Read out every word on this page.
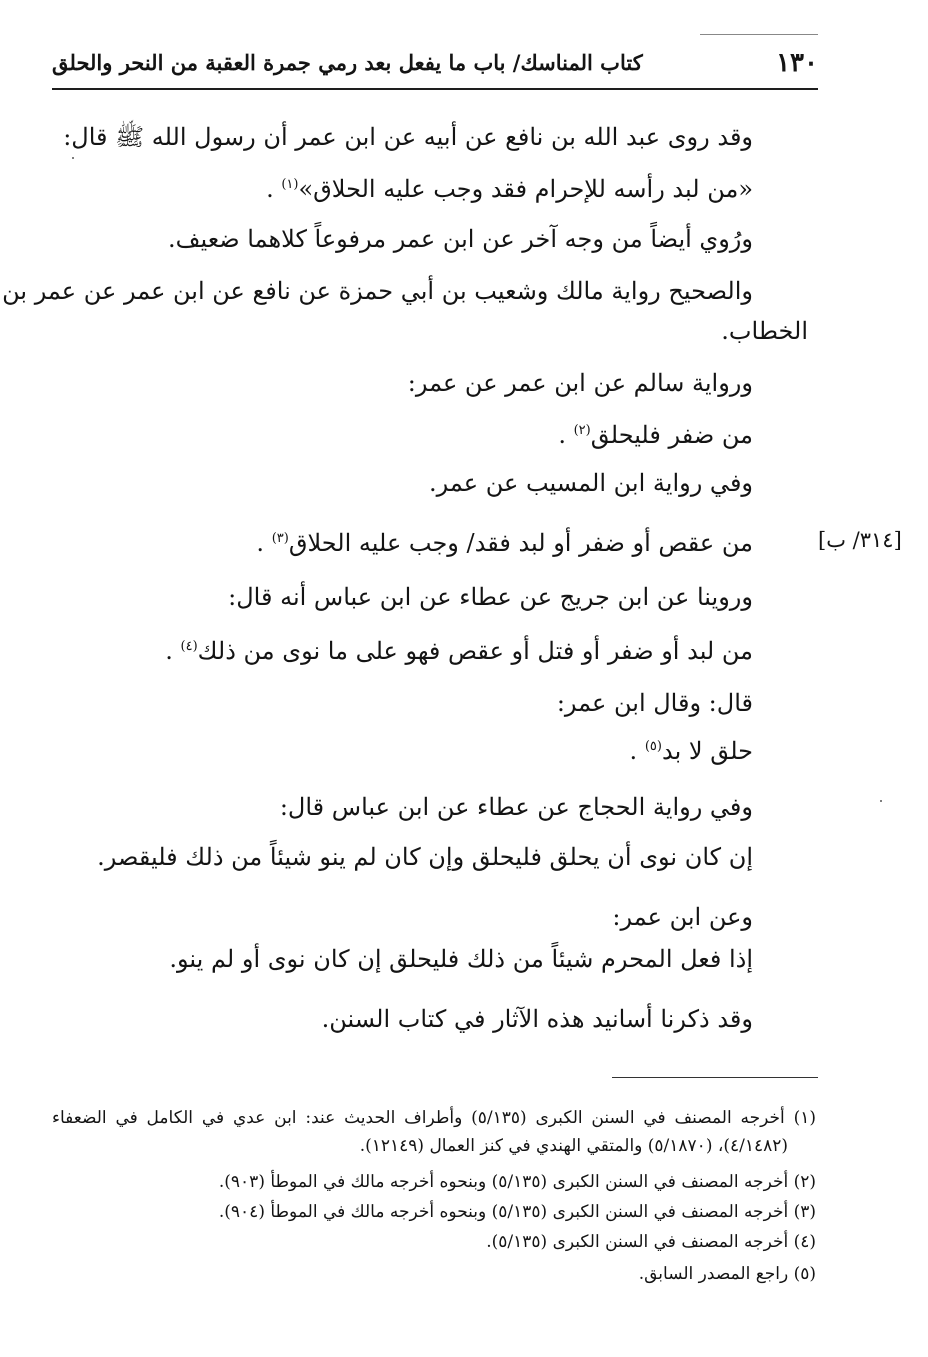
١٣٠
كتاب المناسك/ باب ما يفعل بعد رمي جمرة العقبة من النحر والحلق
وقد روى عبد الله بن نافع عن أبيه عن ابن عمر أن رسول الله ﷺ قال:
«من لبد رأسه للإحرام فقد وجب عليه الحلاق»$^{(١)}$ .
ورُوي أيضاً من وجه آخر عن ابن عمر مرفوعاً كلاهما ضعيف.
والصحيح رواية مالك وشعيب بن أبي حمزة عن نافع عن ابن عمر عن عمر بن
الخطاب.
ورواية سالم عن ابن عمر عن عمر:
من ضفر فليحلق$^{(٢)}$ .
وفي رواية ابن المسيب عن عمر.
من عقص أو ضفر أو لبد فقد/ وجب عليه الحلاق$^{(٣)}$ .	[٣١٤/ ب]
وروينا عن ابن جريج عن عطاء عن ابن عباس أنه قال:
من لبد أو ضفر أو فتل أو عقص فهو على ما نوى من ذلك$^{(٤)}$ .
قال: وقال ابن عمر:
حلق لا بد$^{(٥)}$ .
وفي رواية الحجاج عن عطاء عن ابن عباس قال:
إن كان نوى أن يحلق فليحلق وإن كان لم ينو شيئاً من ذلك فليقصر.
وعن ابن عمر:
إذا فعل المحرم شيئاً من ذلك فليحلق إن كان نوى أو لم ينو.
وقد ذكرنا أسانيد هذه الآثار في كتاب السنن.
(١) أخرجه المصنف في السنن الكبرى (٥/١٣٥) وأطراف الحديث عند: ابن عدي في الكامل في الضعفاء
(٤/١٤٨٢)، (٥/١٨٧٠) والمتقي الهندي في كنز العمال (١٢١٤٩).
(٢) أخرجه المصنف في السنن الكبرى (٥/١٣٥) وبنحوه أخرجه مالك في الموطأ (٩٠٣).
(٣) أخرجه المصنف في السنن الكبرى (٥/١٣٥) وبنحوه أخرجه مالك في الموطأ (٩٠٤).
(٤) أخرجه المصنف في السنن الكبرى (٥/١٣٥).
(٥) راجع المصدر السابق.
